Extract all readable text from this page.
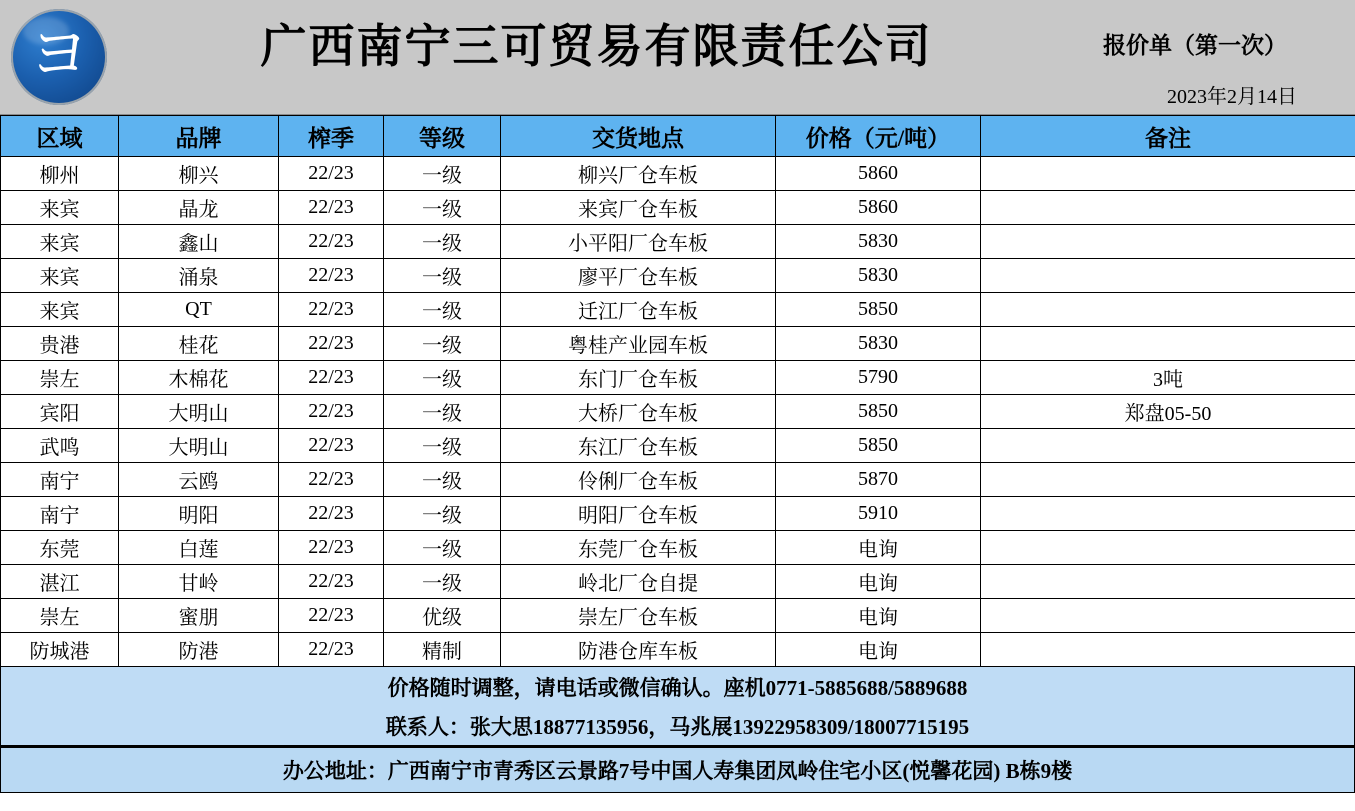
ヨ	广西南宁三可贸易有限责任公司	报价单（第一次）
2023年2月14日
区域	品牌	榨季	等级	交货地点	价格（元/吨）	备注
柳州	柳兴	22/23	一级	柳兴厂仓车板	5860	
来宾	晶龙	22/23	一级	来宾厂仓车板	5860	
来宾	鑫山	22/23	一级	小平阳厂仓车板	5830	
来宾	涌泉	22/23	一级	廖平厂仓车板	5830	
来宾	QT	22/23	一级	迁江厂仓车板	5850	
贵港	桂花	22/23	一级	粤桂产业园车板	5830	
崇左	木棉花	22/23	一级	东门厂仓车板	5790	3吨
宾阳	大明山	22/23	一级	大桥厂仓车板	5850	郑盘05-50
武鸣	大明山	22/23	一级	东江厂仓车板	5850	
南宁	云鸥	22/23	一级	伶俐厂仓车板	5870	
南宁	明阳	22/23	一级	明阳厂仓车板	5910	
东莞	白莲	22/23	一级	东莞厂仓车板	电询	
湛江	甘岭	22/23	一级	岭北厂仓自提	电询	
崇左	蜜朋	22/23	优级	崇左厂仓车板	电询	
防城港	防港	22/23	精制	防港仓库车板	电询	
价格随时调整，请电话或微信确认。座机0771-5885688/5889688
联系人：张大思18877135956，马兆展13922958309/18007715195
办公地址：广西南宁市青秀区云景路7号中国人寿集团凤岭住宅小区(悦馨花园) B栋9楼
